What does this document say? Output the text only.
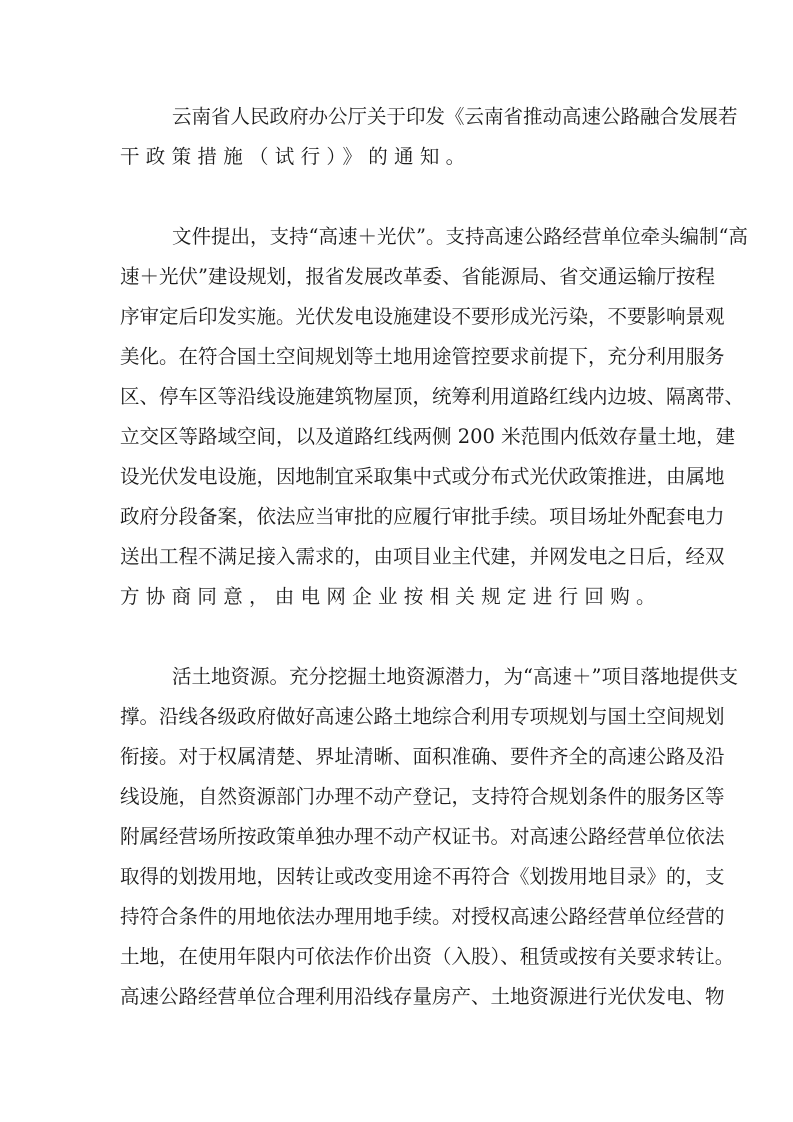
云南省人民政府办公厅关于印发《云南省推动高速公路融合发展若
干政策措施（试行）》的通知。
文件提出，支持“高速＋光伏”。支持高速公路经营单位牵头编制“高
速＋光伏”建设规划，报省发展改革委、省能源局、省交通运输厅按程
序审定后印发实施。光伏发电设施建设不要形成光污染，不要影响景观
美化。在符合国土空间规划等土地用途管控要求前提下，充分利用服务
区、停车区等沿线设施建筑物屋顶，统筹利用道路红线内边坡、隔离带、
立交区等路域空间，以及道路红线两侧 200 米范围内低效存量土地，建
设光伏发电设施，因地制宜采取集中式或分布式光伏政策推进，由属地
政府分段备案，依法应当审批的应履行审批手续。项目场址外配套电力
送出工程不满足接入需求的，由项目业主代建，并网发电之日后，经双
方协商同意，由电网企业按相关规定进行回购。
活土地资源。充分挖掘土地资源潜力，为“高速＋”项目落地提供支
撑。沿线各级政府做好高速公路土地综合利用专项规划与国土空间规划
衔接。对于权属清楚、界址清晰、面积准确、要件齐全的高速公路及沿
线设施，自然资源部门办理不动产登记，支持符合规划条件的服务区等
附属经营场所按政策单独办理不动产权证书。对高速公路经营单位依法
取得的划拨用地，因转让或改变用途不再符合《划拨用地目录》的，支
持符合条件的用地依法办理用地手续。对授权高速公路经营单位经营的
土地，在使用年限内可依法作价出资（入股）、租赁或按有关要求转让。
高速公路经营单位合理利用沿线存量房产、土地资源进行光伏发电、物
